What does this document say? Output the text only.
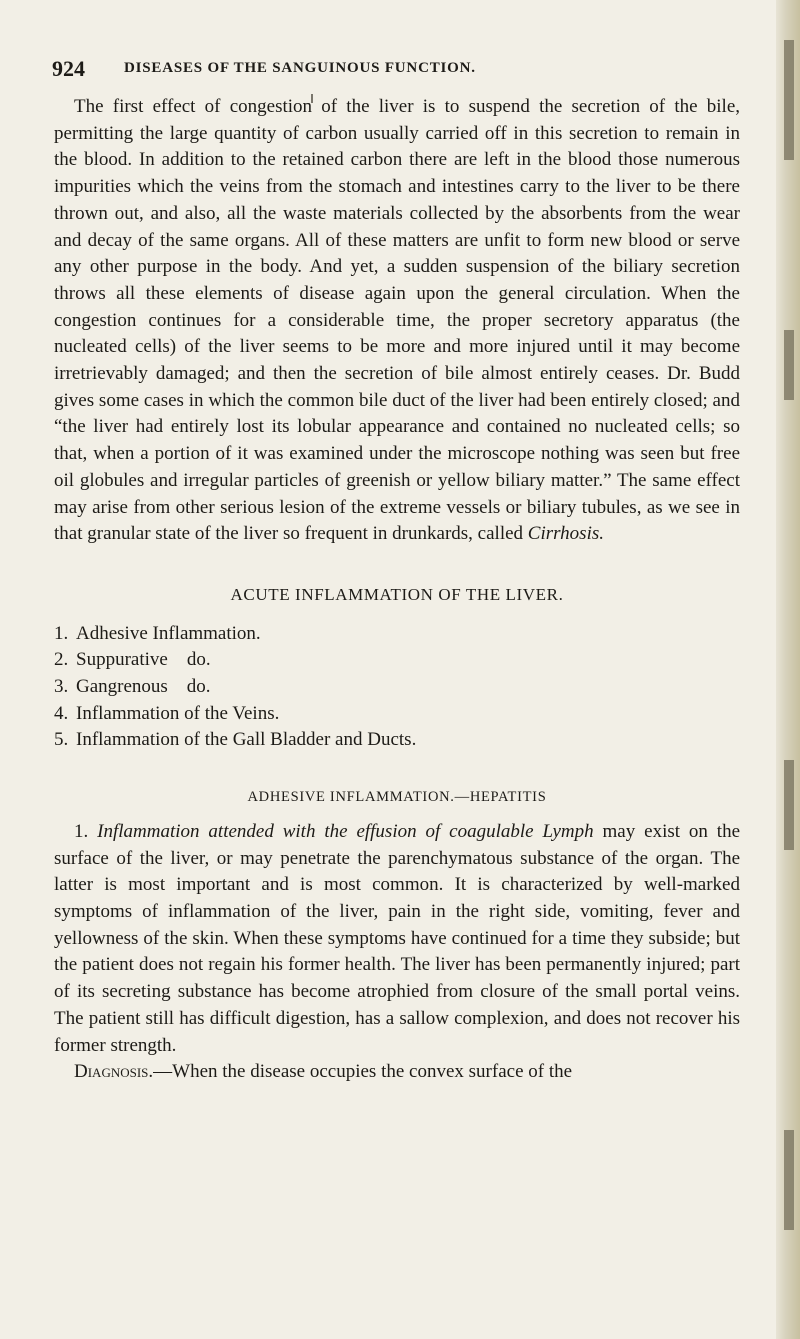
924	DISEASES OF THE SANGUINOUS FUNCTION.

The first effect of congestion of the liver is to suspend the secretion of the bile, permitting the large quantity of carbon usually carried off in this secretion to remain in the blood. In addition to the retained carbon there are left in the blood those numerous impurities which the veins from the stomach and intestines carry to the liver to be there thrown out, and also, all the waste materials collected by the absorbents from the wear and decay of the same organs. All of these matters are unfit to form new blood or serve any other purpose in the body. And yet, a sudden suspension of the biliary secretion throws all these elements of disease again upon the general circulation. When the congestion continues for a considerable time, the proper secretory apparatus (the nucleated cells) of the liver seems to be more and more injured until it may become irretrievably damaged; and then the secretion of bile almost entirely ceases. Dr. Budd gives some cases in which the common bile duct of the liver had been entirely closed; and “the liver had entirely lost its lobular appearance and contained no nucleated cells; so that, when a portion of it was examined under the microscope nothing was seen but free oil globules and irregular particles of greenish or yellow biliary matter.” The same effect may arise from other serious lesion of the extreme vessels or biliary tubules, as we see in that granular state of the liver so frequent in drunkards, called Cirrhosis.

ACUTE INFLAMMATION OF THE LIVER.
1. Adhesive Inflammation.
2. Suppurative    do.
3. Gangrenous    do.
4. Inflammation of the Veins.
5. Inflammation of the Gall Bladder and Ducts.
ADHESIVE INFLAMMATION.—HEPATITIS

1. Inflammation attended with the effusion of coagulable Lymph may exist on the surface of the liver, or may penetrate the parenchymatous substance of the organ. The latter is most important and is most common. It is characterized by well-marked symptoms of inflammation of the liver, pain in the right side, vomiting, fever and yellowness of the skin. When these symptoms have continued for a time they subside; but the patient does not regain his former health. The liver has been permanently injured; part of its secreting substance has become atrophied from closure of the small portal veins. The patient still has difficult digestion, has a sallow complexion, and does not recover his former strength.

Diagnosis.—When the disease occupies the convex surface of the
